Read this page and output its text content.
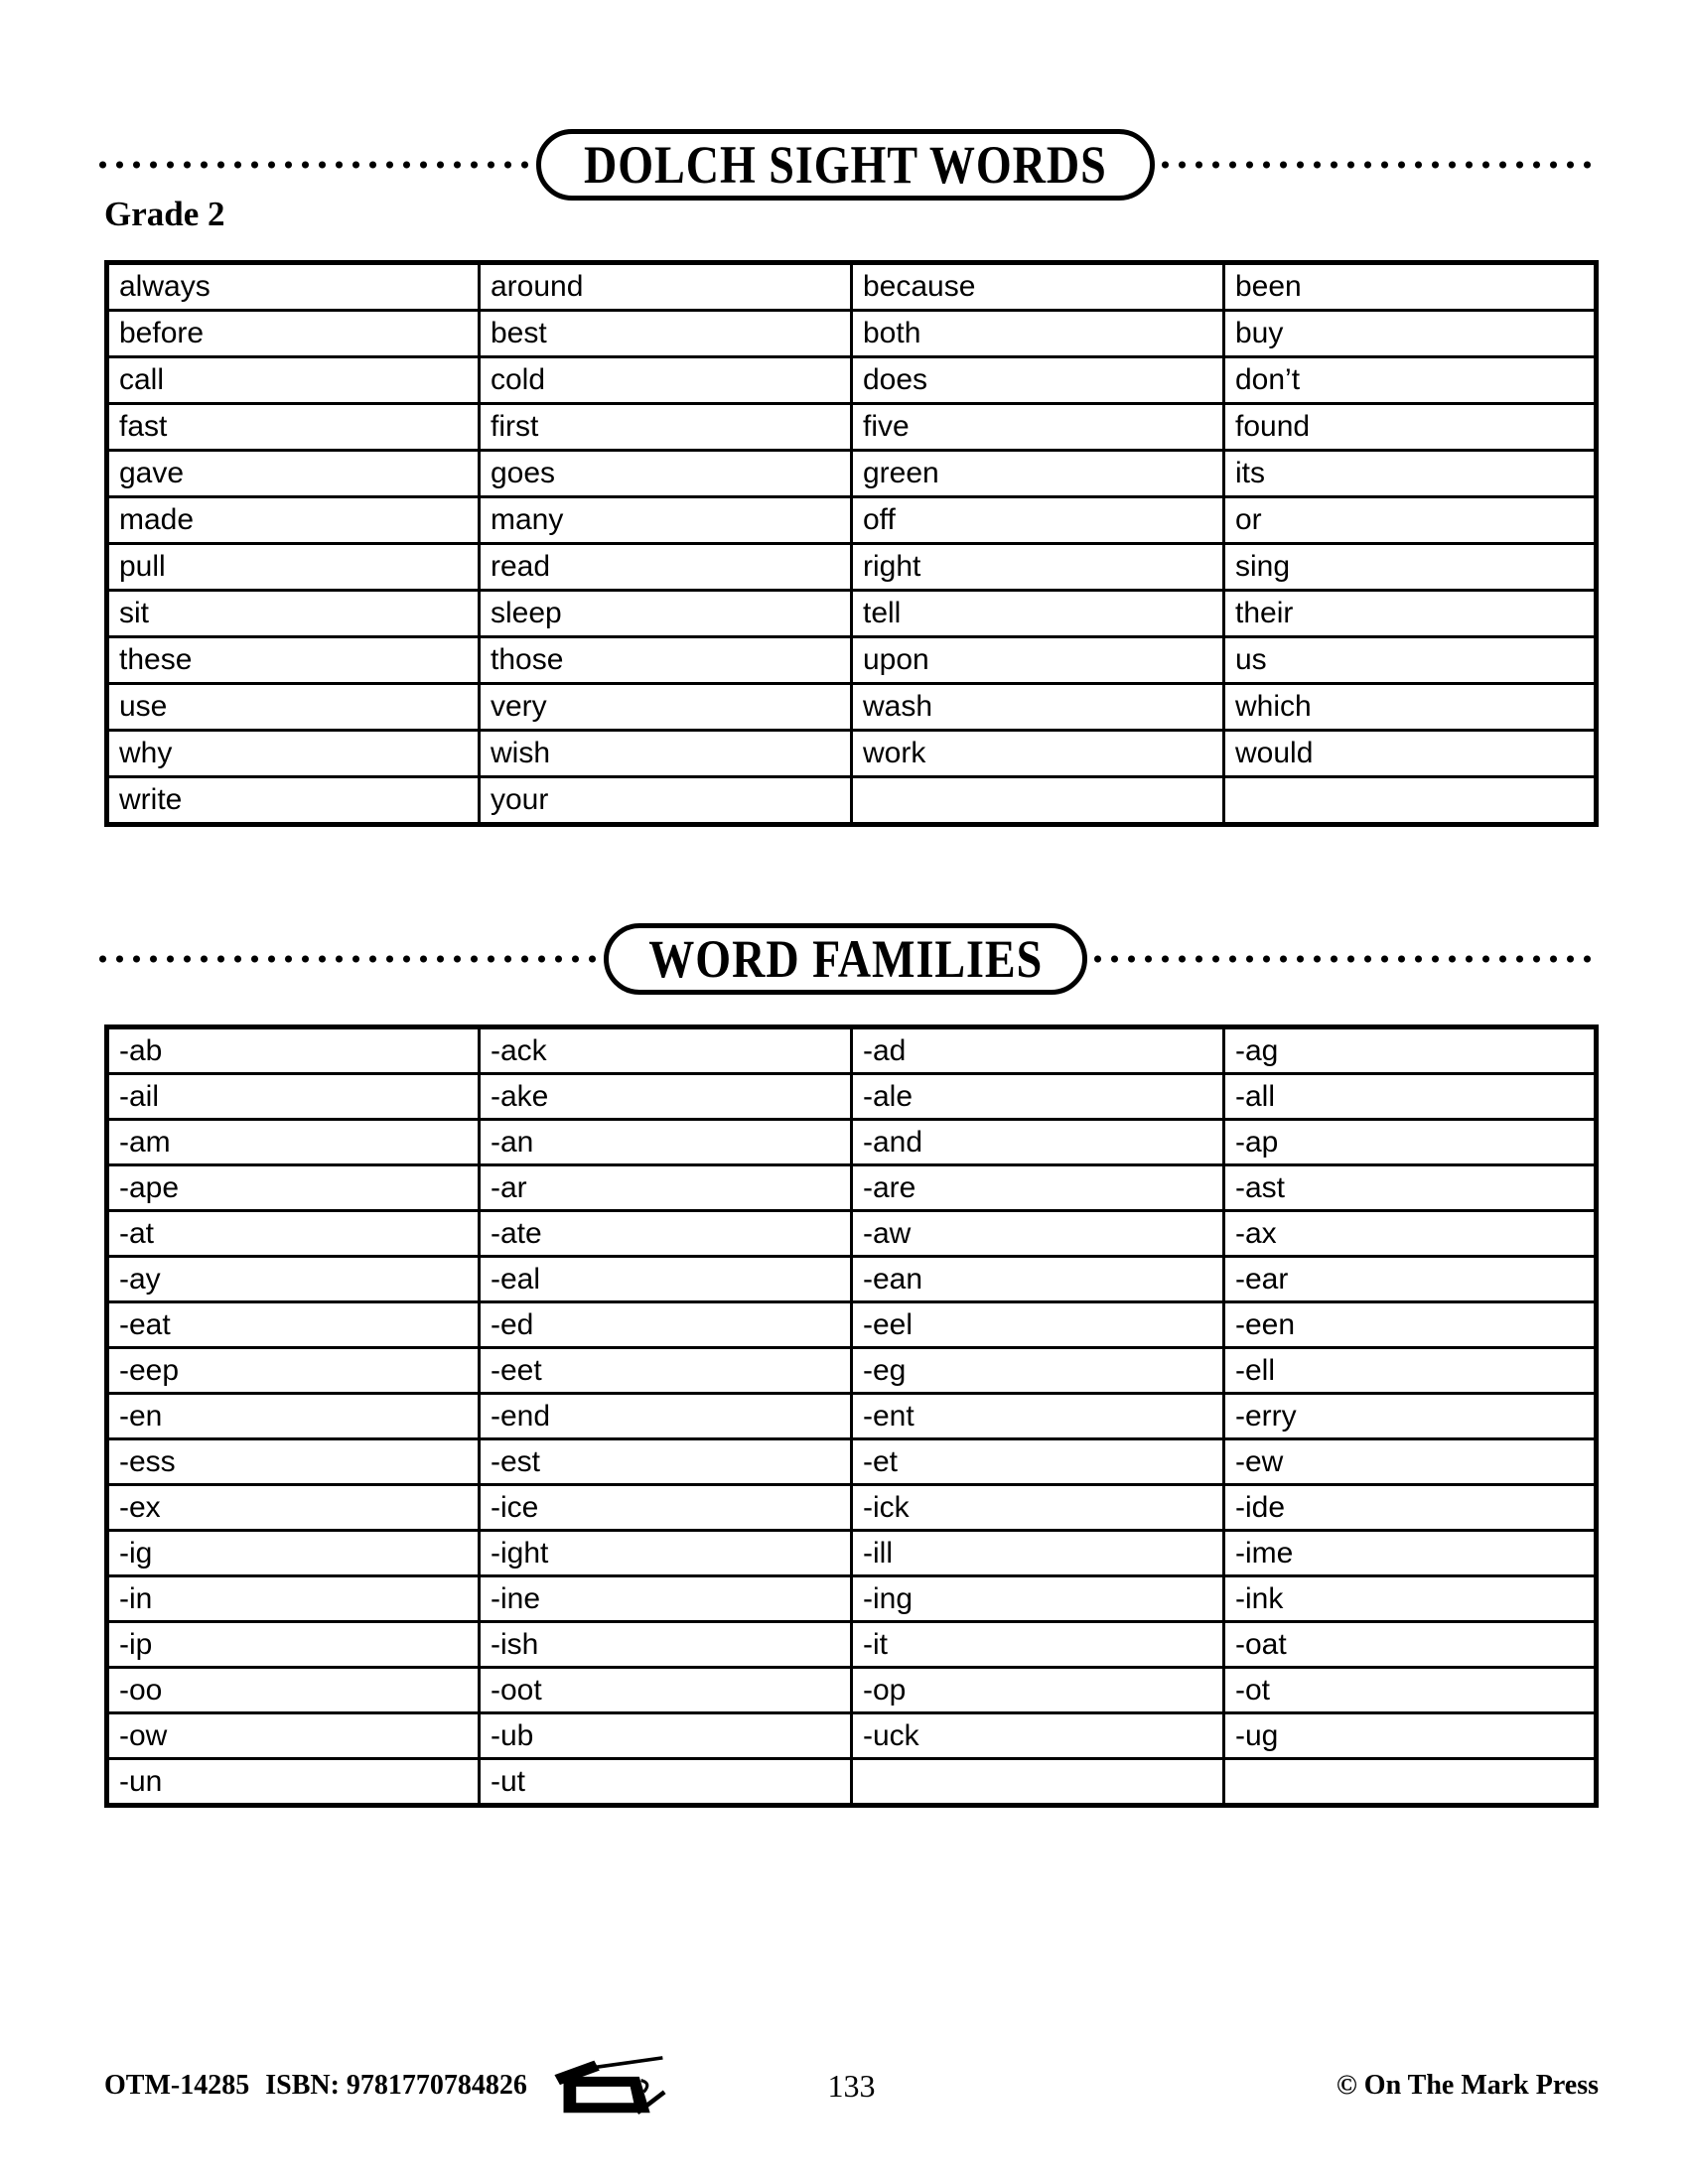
DOLCH SIGHT WORDS
Grade 2
always	around	because	been
before	best	both	buy
call	cold	does	don’t
fast	first	five	found
gave	goes	green	its
made	many	off	or
pull	read	right	sing
sit	sleep	tell	their
these	those	upon	us
use	very	wash	which
why	wish	work	would
write	your		
WORD FAMILIES
-ab	-ack	-ad	-ag
-ail	-ake	-ale	-all
-am	-an	-and	-ap
-ape	-ar	-are	-ast
-at	-ate	-aw	-ax
-ay	-eal	-ean	-ear
-eat	-ed	-eel	-een
-eep	-eet	-eg	-ell
-en	-end	-ent	-erry
-ess	-est	-et	-ew
-ex	-ice	-ick	-ide
-ig	-ight	-ill	-ime
-in	-ine	-ing	-ink
-ip	-ish	-it	-oat
-oo	-oot	-op	-ot
-ow	-ub	-uck	-ug
-un	-ut		
OTM-14285 ISBN: 9781770784826	133	© On The Mark Press
